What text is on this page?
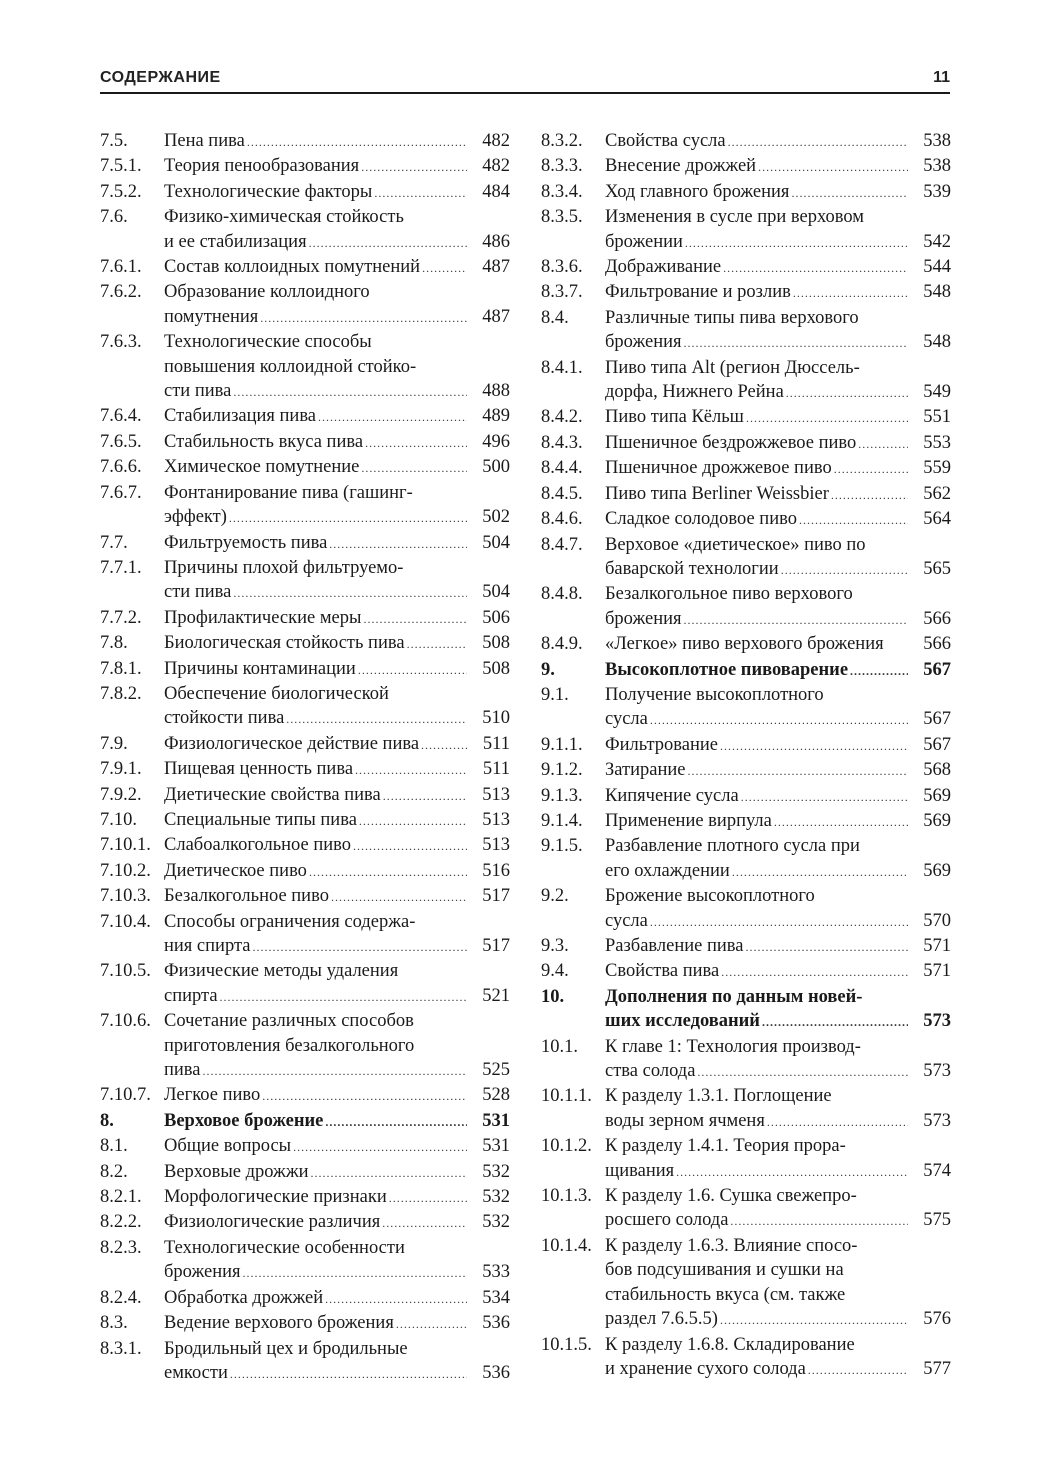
СОДЕРЖАНИЕ	11
7.5.	Пена пива .....	482
7.5.1.	Теория пенообразования .....	482
7.5.2.	Технологические факторы .....	484
7.6.	Физико-химическая стойкость
и ее стабилизация .....	486
7.6.1.	Состав коллоидных помутнений .....	487
7.6.2.	Образование коллоидного
помутнения .....	487
7.6.3.	Технологические способы
повышения коллоидной стойко-
сти пива .....	488
7.6.4.	Стабилизация пива .....	489
7.6.5.	Стабильность вкуса пива .....	496
7.6.6.	Химическое помутнение .....	500
7.6.7.	Фонтанирование пива (гашинг-
эффект) .....	502
7.7.	Фильтруемость пива .....	504
7.7.1.	Причины плохой фильтруемо-
сти пива .....	504
7.7.2.	Профилактические меры .....	506
7.8.	Биологическая стойкость пива .....	508
7.8.1.	Причины контаминации .....	508
7.8.2.	Обеспечение биологической
стойкости пива .....	510
7.9.	Физиологическое действие пива .....	511
7.9.1.	Пищевая ценность пива .....	511
7.9.2.	Диетические свойства пива .....	513
7.10.	Специальные типы пива .....	513
7.10.1. Слабоалкогольное пиво .....	513
7.10.2. Диетическое пиво .....	516
7.10.3. Безалкогольное пиво .....	517
7.10.4. Способы ограничения содержа-
ния спирта .....	517
7.10.5. Физические методы удаления
спирта .....	521
7.10.6. Сочетание различных способов
приготовления безалкогольного
пива .....	525
7.10.7. Легкое пиво .....	528
8.	Верховое брожение .....	531
8.1.	Общие вопросы .....	531
8.2.	Верховые дрожжи .....	532
8.2.1.	Морфологические признаки .....	532
8.2.2.	Физиологические различия .....	532
8.2.3.	Технологические особенности
брожения .....	533
8.2.4.	Обработка дрожжей .....	534
8.3.	Ведение верхового брожения .....	536
8.3.1.	Бродильный цех и бродильные
емкости .....	536
8.3.2.	Свойства сусла .....	538
8.3.3.	Внесение дрожжей .....	538
8.3.4.	Ход главного брожения .....	539
8.3.5.	Изменения в сусле при верховом
брожении .....	542
8.3.6.	Дображивание .....	544
8.3.7.	Фильтрование и розлив .....	548
8.4.	Различные типы пива верхового
брожения .....	548
8.4.1.	Пиво типа Alt (регион Дюссель-
дорфа, Нижнего Рейна .....	549
8.4.2.	Пиво типа Кёльш .....	551
8.4.3.	Пшеничное бездрожжевое пиво .....	553
8.4.4.	Пшеничное дрожжевое пиво .....	559
8.4.5.	Пиво типа Berliner Weissbier .....	562
8.4.6.	Сладкое солодовое пиво .....	564
8.4.7.	Верховое «диетическое» пиво по
баварской технологии .....	565
8.4.8.	Безалкогольное пиво верхового
брожения .....	566
8.4.9.	«Легкое» пиво верхового брожения	566
9.	Высокоплотное пивоварение .....	567
9.1.	Получение высокоплотного
сусла .....	567
9.1.1.	Фильтрование .....	567
9.1.2.	Затирание .....	568
9.1.3.	Кипячение сусла .....	569
9.1.4.	Применение вирпула .....	569
9.1.5.	Разбавление плотного сусла при
его охлаждении .....	569
9.2.	Брожение высокоплотного
сусла .....	570
9.3.	Разбавление пива .....	571
9.4.	Свойства пива .....	571
10.	Дополнения по данным новей-
ших исследований .....	573
10.1.	К главе 1: Технология производ-
ства солода .....	573
10.1.1. К разделу 1.3.1. Поглощение
воды зерном ячменя .....	573
10.1.2. К разделу 1.4.1. Теория прора-
щивания .....	574
10.1.3. К разделу 1.6. Сушка свежепро-
росшего солода .....	575
10.1.4. К разделу 1.6.3. Влияние спосо-
бов подсушивания и сушки на
стабильность вкуса (см. также
раздел 7.6.5.5) .....	576
10.1.5. К разделу 1.6.8. Складирование
и хранение сухого солода .....	577
